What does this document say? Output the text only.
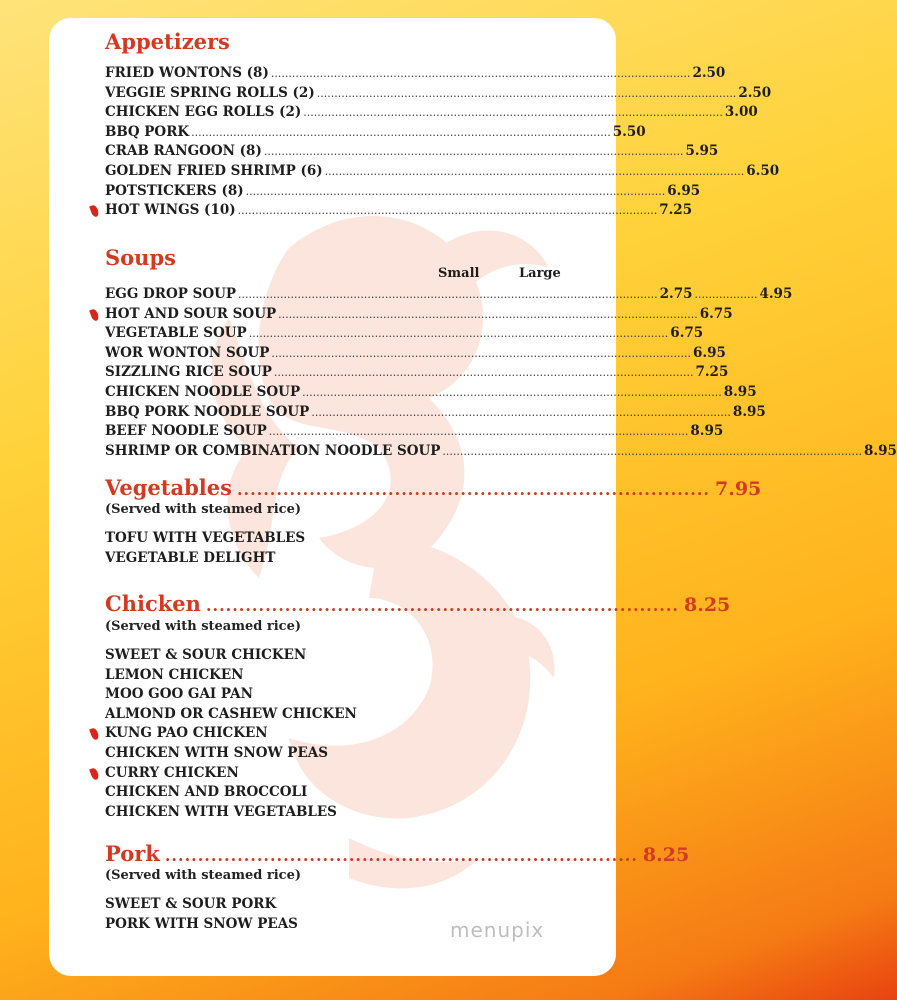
Appetizers
FRIED WONTONS (8) ........................................................................................................................ 2.50
VEGGIE SPRING ROLLS (2) ........................................................................................................................ 2.50
CHICKEN EGG ROLLS (2) ........................................................................................................................ 3.00
BBQ PORK ........................................................................................................................ 5.50
CRAB RANGOON (8) ........................................................................................................................ 5.95
GOLDEN FRIED SHRIMP (6) ........................................................................................................................ 6.50
POTSTICKERS (8) ........................................................................................................................ 6.95
HOT WINGS (10) ........................................................................................................................ 7.25
Soups
Small	Large
EGG DROP SOUP ........................................................................................................................ 2.75 .................. 4.95
HOT AND SOUR SOUP ........................................................................................................................ 6.75
VEGETABLE SOUP ........................................................................................................................ 6.75
WOR WONTON SOUP ........................................................................................................................ 6.95
SIZZLING RICE SOUP ........................................................................................................................ 7.25
CHICKEN NOODLE SOUP ........................................................................................................................ 8.95
BBQ PORK NOODLE SOUP ........................................................................................................................ 8.95
BEEF NOODLE SOUP ........................................................................................................................ 8.95
SHRIMP OR COMBINATION NOODLE SOUP ........................................................................................................................ 8.95
Vegetables ........................................................................ 7.95
(Served with steamed rice)
TOFU WITH VEGETABLES
VEGETABLE DELIGHT
Chicken ........................................................................ 8.25
(Served with steamed rice)
SWEET & SOUR CHICKEN
LEMON CHICKEN
MOO GOO GAI PAN
ALMOND OR CASHEW CHICKEN
KUNG PAO CHICKEN
CHICKEN WITH SNOW PEAS
CURRY CHICKEN
CHICKEN AND BROCCOLI
CHICKEN WITH VEGETABLES
Pork ........................................................................ 8.25
(Served with steamed rice)
SWEET & SOUR PORK
PORK WITH SNOW PEAS	menupix
